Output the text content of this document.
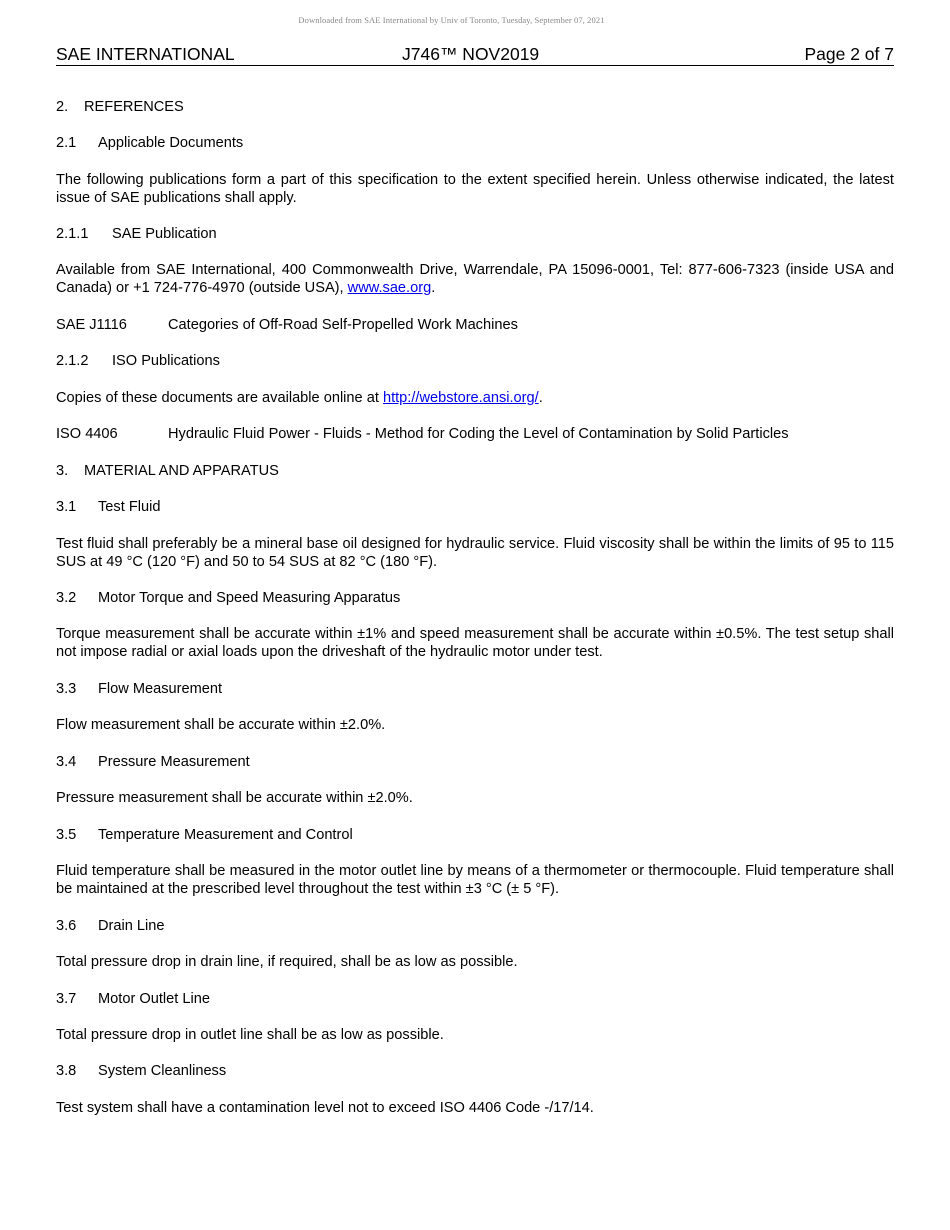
Downloaded from SAE International by Univ of Toronto, Tuesday, September 07, 2021
SAE INTERNATIONAL	J746™ NOV2019	Page 2 of 7
2. REFERENCES
2.1 Applicable Documents
The following publications form a part of this specification to the extent specified herein. Unless otherwise indicated, the latest issue of SAE publications shall apply.
2.1.1 SAE Publication
Available from SAE International, 400 Commonwealth Drive, Warrendale, PA 15096-0001, Tel: 877-606-7323 (inside USA and Canada) or +1 724-776-4970 (outside USA), www.sae.org.
SAE J1116	Categories of Off-Road Self-Propelled Work Machines
2.1.2 ISO Publications
Copies of these documents are available online at http://webstore.ansi.org/.
ISO 4406	Hydraulic Fluid Power - Fluids - Method for Coding the Level of Contamination by Solid Particles
3. MATERIAL AND APPARATUS
3.1 Test Fluid
Test fluid shall preferably be a mineral base oil designed for hydraulic service. Fluid viscosity shall be within the limits of 95 to 115 SUS at 49 °C (120 °F) and 50 to 54 SUS at 82 °C (180 °F).
3.2 Motor Torque and Speed Measuring Apparatus
Torque measurement shall be accurate within ±1% and speed measurement shall be accurate within ±0.5%. The test setup shall not impose radial or axial loads upon the driveshaft of the hydraulic motor under test.
3.3 Flow Measurement
Flow measurement shall be accurate within ±2.0%.
3.4 Pressure Measurement
Pressure measurement shall be accurate within ±2.0%.
3.5 Temperature Measurement and Control
Fluid temperature shall be measured in the motor outlet line by means of a thermometer or thermocouple. Fluid temperature shall be maintained at the prescribed level throughout the test within ±3 °C (± 5 °F).
3.6 Drain Line
Total pressure drop in drain line, if required, shall be as low as possible.
3.7 Motor Outlet Line
Total pressure drop in outlet line shall be as low as possible.
3.8 System Cleanliness
Test system shall have a contamination level not to exceed ISO 4406 Code -/17/14.
